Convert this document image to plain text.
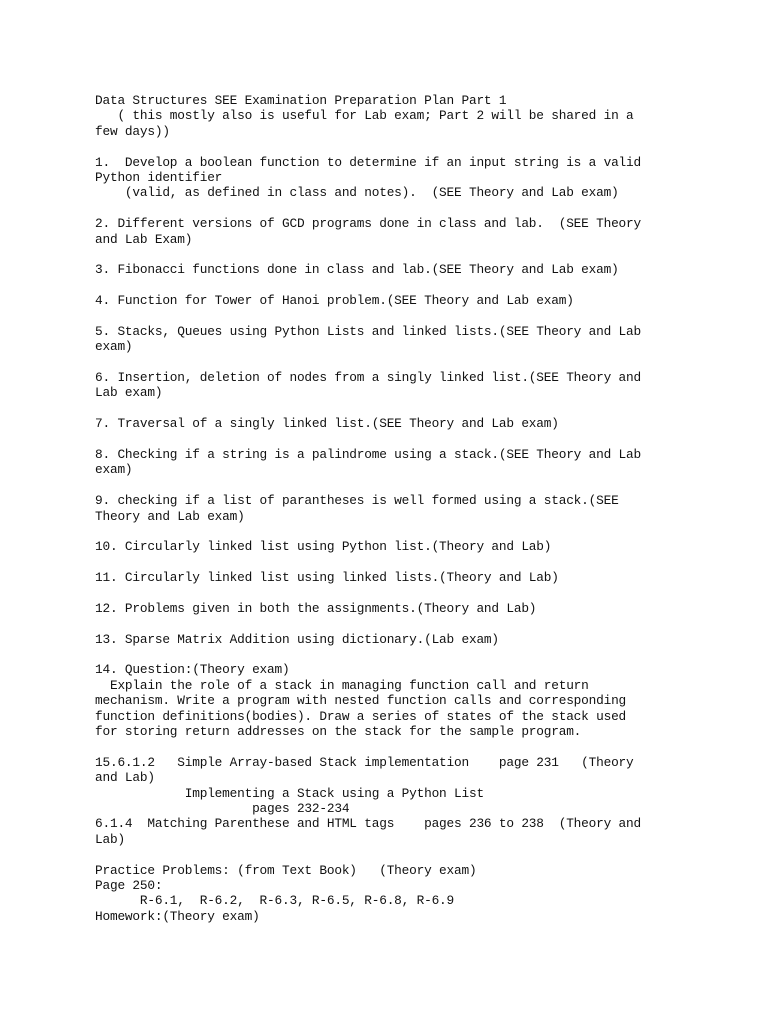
Data Structures SEE Examination Preparation Plan Part 1
( this mostly also is useful for Lab exam; Part 2 will be shared in a
few days))
1.  Develop a boolean function to determine if an input string is a valid
Python identifier
(valid, as defined in class and notes).  (SEE Theory and Lab exam)
2. Different versions of GCD programs done in class and lab.  (SEE Theory
and Lab Exam)
3. Fibonacci functions done in class and lab.(SEE Theory and Lab exam)
4. Function for Tower of Hanoi problem.(SEE Theory and Lab exam)
5. Stacks, Queues using Python Lists and linked lists.(SEE Theory and Lab
exam)
6. Insertion, deletion of nodes from a singly linked list.(SEE Theory and
Lab exam)
7. Traversal of a singly linked list.(SEE Theory and Lab exam)
8. Checking if a string is a palindrome using a stack.(SEE Theory and Lab
exam)
9. checking if a list of parantheses is well formed using a stack.(SEE
Theory and Lab exam)
10. Circularly linked list using Python list.(Theory and Lab)
11. Circularly linked list using linked lists.(Theory and Lab)
12. Problems given in both the assignments.(Theory and Lab)
13. Sparse Matrix Addition using dictionary.(Lab exam)
14. Question:(Theory exam)
Explain the role of a stack in managing function call and return
mechanism. Write a program with nested function calls and corresponding
function definitions(bodies). Draw a series of states of the stack used
for storing return addresses on the stack for the sample program.
15.6.1.2   Simple Array-based Stack implementation    page 231   (Theory
and Lab)
Implementing a Stack using a Python List
pages 232-234
6.1.4  Matching Parenthese and HTML tags    pages 236 to 238  (Theory and
Lab)
Practice Problems: (from Text Book)   (Theory exam)
Page 250:
R-6.1,  R-6.2,  R-6.3, R-6.5, R-6.8, R-6.9
Homework:(Theory exam)
